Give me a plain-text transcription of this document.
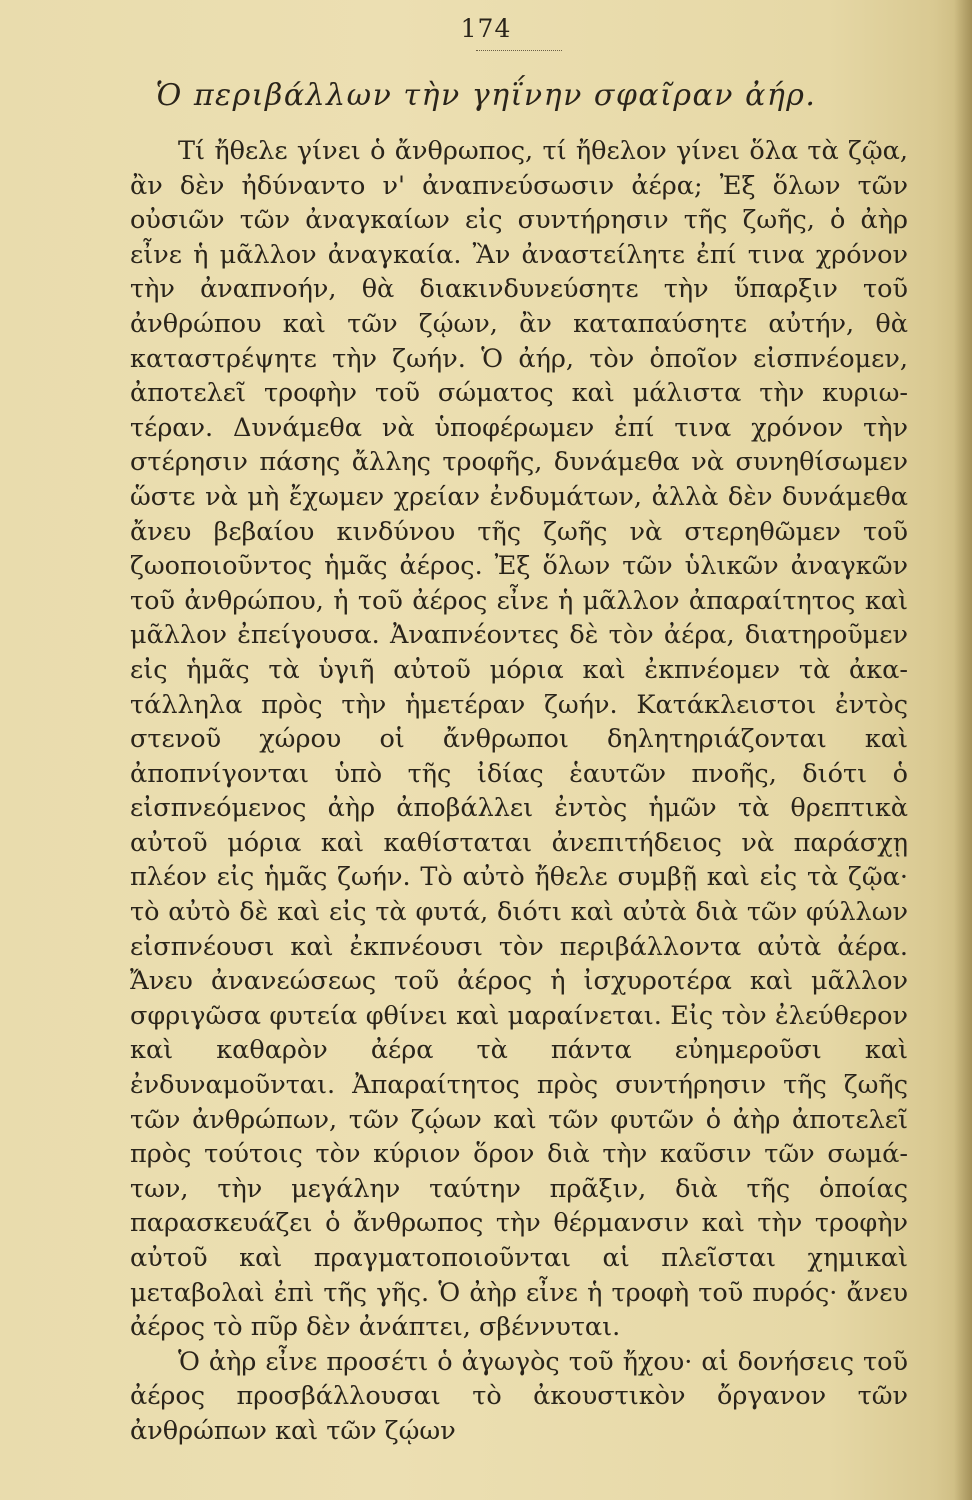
174
Ὁ περιβάλλων τὴν γηΐνην σφαῖραν ἀήρ.

Τί ἤθελε γίνει ὁ ἄνθρωπος, τί ἤθελον γίνει ὅλα τὰ ζῷα, ἂν δὲν ἠδύναντο ν' ἀναπνεύσωσιν ἀέρα; Ἐξ ὅλων τῶν οὐσιῶν τῶν ἀναγκαίων εἰς συντήρησιν τῆς ζωῆς, ὁ ἀὴρ εἶνε ἡ μᾶλλον ἀναγκαία. Ἂν ἀναστείλητε ἐπί τινα χρόνον τὴν ἀναπνοήν, θὰ διακινδυνεύσητε τὴν ὕπαρξιν τοῦ ἀνθρώπου καὶ τῶν ζῴων, ἂν καταπαύσητε αὐτήν, θὰ καταστρέψητε τὴν ζωήν. Ὁ ἀήρ, τὸν ὁποῖον εἰσπνέομεν, ἀποτελεῖ τροφὴν τοῦ σώματος καὶ μάλιστα τὴν κυριωτέραν. Δυνάμεθα νὰ ὑποφέρωμεν ἐπί τινα χρόνον τὴν στέρησιν πάσης ἄλλης τροφῆς, δυνάμεθα νὰ συνηθίσωμεν ὥστε νὰ μὴ ἔχωμεν χρείαν ἐνδυμάτων, ἀλλὰ δὲν δυνάμεθα ἄνευ βεβαίου κινδύνου τῆς ζωῆς νὰ στερηθῶμεν τοῦ ζωοποιοῦντος ἡμᾶς ἀέρος. Ἐξ ὅλων τῶν ὑλικῶν ἀναγκῶν τοῦ ἀνθρώπου, ἡ τοῦ ἀέρος εἶνε ἡ μᾶλλον ἀπαραίτητος καὶ μᾶλλον ἐπείγουσα. Ἀναπνέοντες δὲ τὸν ἀέρα, διατηροῦμεν εἰς ἡμᾶς τὰ ὑγιῆ αὐτοῦ μόρια καὶ ἐκπνέομεν τὰ ἀκατάλληλα πρὸς τὴν ἡμετέραν ζωήν. Κατάκλειστοι ἐντὸς στενοῦ χώρου οἱ ἄνθρωποι δηλητηριάζονται καὶ ἀποπνίγονται ὑπὸ τῆς ἰδίας ἑαυτῶν πνοῆς, διότι ὁ εἰσπνεόμενος ἀὴρ ἀποβάλλει ἐντὸς ἡμῶν τὰ θρεπτικὰ αὐτοῦ μόρια καὶ καθίσταται ἀνεπιτήδειος νὰ παράσχῃ πλέον εἰς ἡμᾶς ζωήν. Τὸ αὐτὸ ἤθελε συμβῇ καὶ εἰς τὰ ζῷα· τὸ αὐτὸ δὲ καὶ εἰς τὰ φυτά, διότι καὶ αὐτὰ διὰ τῶν φύλλων εἰσπνέουσι καὶ ἐκπνέουσι τὸν περιβάλλοντα αὐτὰ ἀέρα. Ἄνευ ἀνανεώσεως τοῦ ἀέρος ἡ ἰσχυροτέρα καὶ μᾶλλον σφριγῶσα φυτεία φθίνει καὶ μαραίνεται. Εἰς τὸν ἐλεύθερον καὶ καθαρὸν ἀέρα τὰ πάντα εὐημεροῦσι καὶ ἐνδυναμοῦνται. Ἀπαραίτητος πρὸς συντήρησιν τῆς ζωῆς τῶν ἀνθρώπων, τῶν ζῴων καὶ τῶν φυτῶν ὁ ἀὴρ ἀποτελεῖ πρὸς τούτοις τὸν κύριον ὅρον διὰ τὴν καῦσιν τῶν σωμάτων, τὴν μεγάλην ταύτην πρᾶξιν, διὰ τῆς ὁποίας παρασκευάζει ὁ ἄνθρωπος τὴν θέρμανσιν καὶ τὴν τροφὴν αὐτοῦ καὶ πραγματοποιοῦνται αἱ πλεῖσται χημικαὶ μεταβολαὶ ἐπὶ τῆς γῆς. Ὁ ἀὴρ εἶνε ἡ τροφὴ τοῦ πυρός· ἄνευ ἀέρος τὸ πῦρ δὲν ἀνάπτει, σβέννυται.

Ὁ ἀὴρ εἶνε προσέτι ὁ ἀγωγὸς τοῦ ἤχου· αἱ δονήσεις τοῦ ἀέρος προσβάλλουσαι τὸ ἀκουστικὸν ὄργανον τῶν ἀνθρώπων καὶ τῶν ζῴων
